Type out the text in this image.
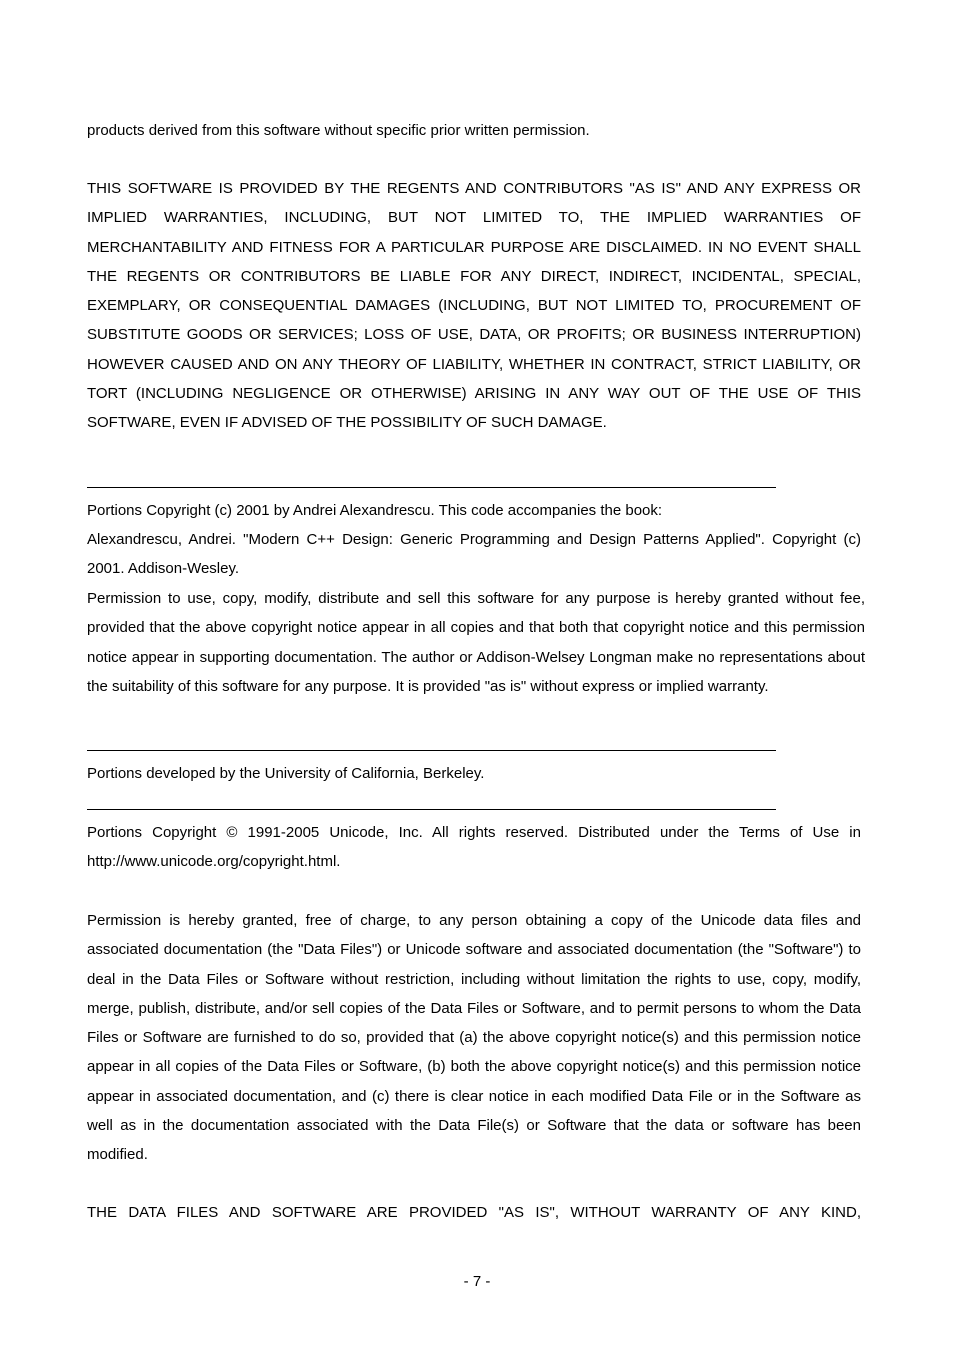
products derived from this software without specific prior written permission.

THIS SOFTWARE IS PROVIDED BY THE REGENTS AND CONTRIBUTORS "AS IS" AND ANY EXPRESS OR IMPLIED WARRANTIES, INCLUDING, BUT NOT LIMITED TO, THE IMPLIED WARRANTIES OF MERCHANTABILITY AND FITNESS FOR A PARTICULAR PURPOSE ARE DISCLAIMED. IN NO EVENT SHALL THE REGENTS OR CONTRIBUTORS BE LIABLE FOR ANY DIRECT, INDIRECT, INCIDENTAL, SPECIAL, EXEMPLARY, OR CONSEQUENTIAL DAMAGES (INCLUDING, BUT NOT LIMITED TO, PROCUREMENT OF SUBSTITUTE GOODS OR SERVICES; LOSS OF USE, DATA, OR PROFITS; OR BUSINESS INTERRUPTION) HOWEVER CAUSED AND ON ANY THEORY OF LIABILITY, WHETHER IN CONTRACT, STRICT LIABILITY, OR TORT (INCLUDING NEGLIGENCE OR OTHERWISE) ARISING IN ANY WAY OUT OF THE USE OF THIS SOFTWARE, EVEN IF ADVISED OF THE POSSIBILITY OF SUCH DAMAGE.

Portions Copyright (c) 2001 by Andrei Alexandrescu. This code accompanies the book:

Alexandrescu, Andrei. "Modern C++ Design: Generic Programming and Design Patterns Applied". Copyright (c) 2001. Addison-Wesley.

Permission to use, copy, modify, distribute and sell this software for any purpose is hereby granted without fee, provided that the above copyright notice appear in all copies and that both that copyright notice and this permission notice appear in supporting documentation. The author or Addison-Welsey Longman make no representations about the suitability of this software for any purpose. It is provided "as is" without express or implied warranty.

Portions developed by the University of California, Berkeley.

Portions Copyright © 1991-2005 Unicode, Inc. All rights reserved. Distributed under the Terms of Use in http://www.unicode.org/copyright.html.

Permission is hereby granted, free of charge, to any person obtaining a copy of the Unicode data files and associated documentation (the "Data Files") or Unicode software and associated documentation (the "Software") to deal in the Data Files or Software without restriction, including without limitation the rights to use, copy, modify, merge, publish, distribute, and/or sell copies of the Data Files or Software, and to permit persons to whom the Data Files or Software are furnished to do so, provided that (a) the above copyright notice(s) and this permission notice appear in all copies of the Data Files or Software, (b) both the above copyright notice(s) and this permission notice appear in associated documentation, and (c) there is clear notice in each modified Data File or in the Software as well as in the documentation associated with the Data File(s) or Software that the data or software has been modified.

THE DATA FILES AND SOFTWARE ARE PROVIDED "AS IS", WITHOUT WARRANTY OF ANY KIND,

- 7 -
